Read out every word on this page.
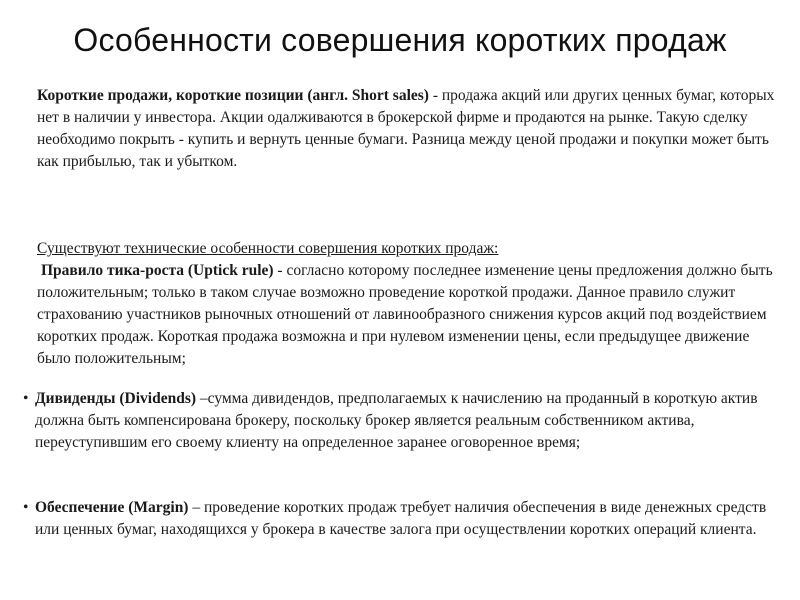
Особенности совершения коротких продаж

Короткие продажи, короткие позиции (англ. Short sales) - продажа акций или других ценных бумаг, которых нет в наличии у инвестора. Акции одалживаются в брокерской фирме и продаются на рынке. Такую сделку необходимо покрыть - купить и вернуть ценные бумаги. Разница между ценой продажи и покупки может быть как прибылью, так и убытком.

Существуют технические особенности совершения коротких продаж:

Правило тика-роста (Uptick rule) - согласно которому последнее изменение цены предложения должно быть положительным; только в таком случае возможно проведение короткой продажи. Данное правило служит страхованию участников рыночных отношений от лавинообразного снижения курсов акций под воздействием коротких продаж. Короткая продажа возможна и при нулевом изменении цены, если предыдущее движение было положительным;

• Дивиденды (Dividends) –сумма дивидендов, предполагаемых к начислению на проданный в короткую актив должна быть компенсирована брокеру, поскольку брокер является реальным собственником актива, переуступившим его своему клиенту на определенное заранее оговоренное время;

• Обеспечение (Margin) – проведение коротких продаж требует наличия обеспечения в виде денежных средств или ценных бумаг, находящихся у брокера в качестве залога при осуществлении коротких операций клиента.
